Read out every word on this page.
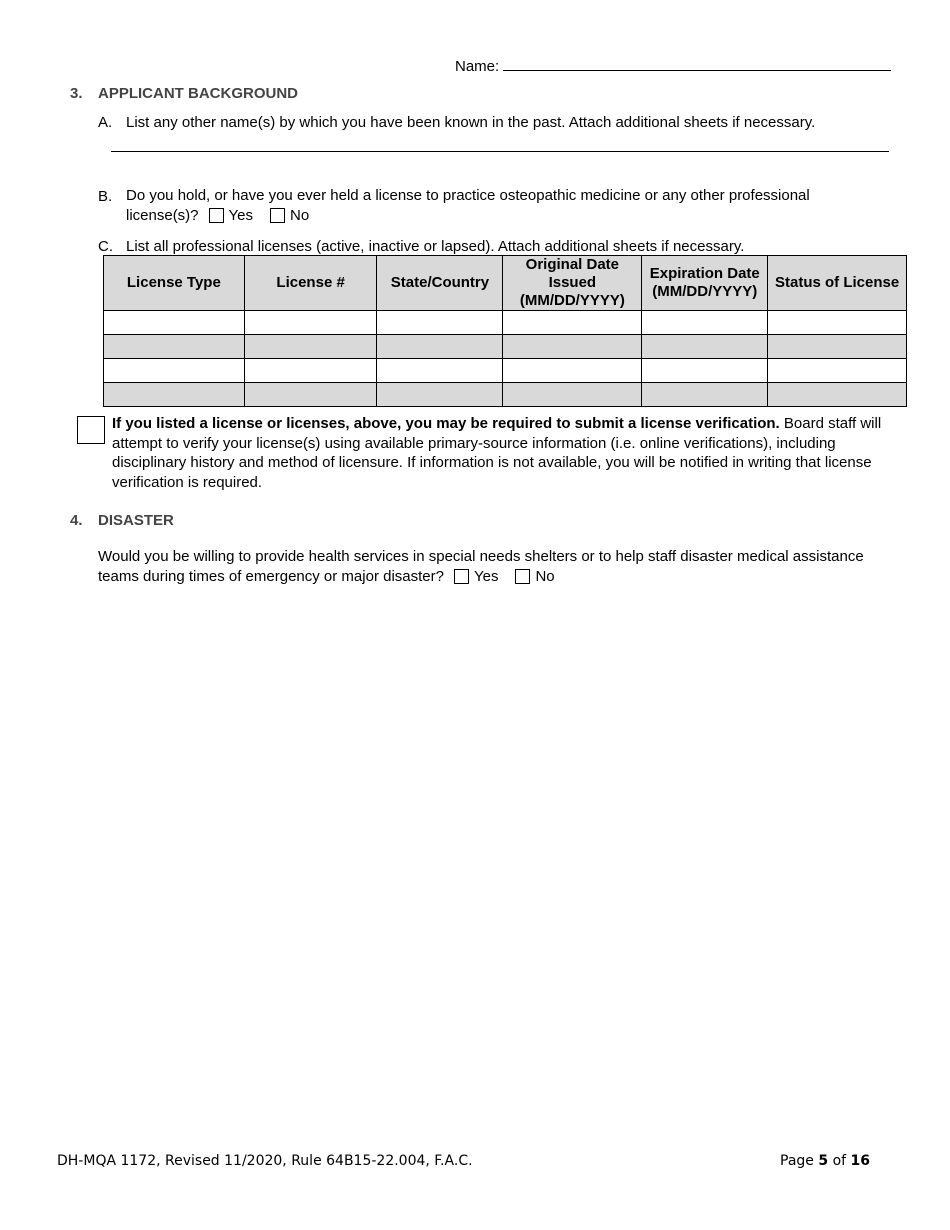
Name:
3. APPLICANT BACKGROUND
A. List any other name(s) by which you have been known in the past. Attach additional sheets if necessary.
B. Do you hold, or have you ever held a license to practice osteopathic medicine or any other professional
license(s)? Yes No
C. List all professional licenses (active, inactive or lapsed). Attach additional sheets if necessary.
License Type	License #	State/Country	Original Date Issued (MM/DD/YYYY)	Expiration Date (MM/DD/YYYY)	Status of License

If you listed a license or licenses, above, you may be required to submit a license verification. Board staff will attempt to verify your license(s) using available primary-source information (i.e. online verifications), including disciplinary history and method of licensure. If information is not available, you will be notified in writing that license verification is required.
4. DISASTER
Would you be willing to provide health services in special needs shelters or to help staff disaster medical assistance teams during times of emergency or major disaster? Yes No
DH-MQA 1172, Revised 11/2020, Rule 64B15-22.004, F.A.C.	Page 5 of 16
